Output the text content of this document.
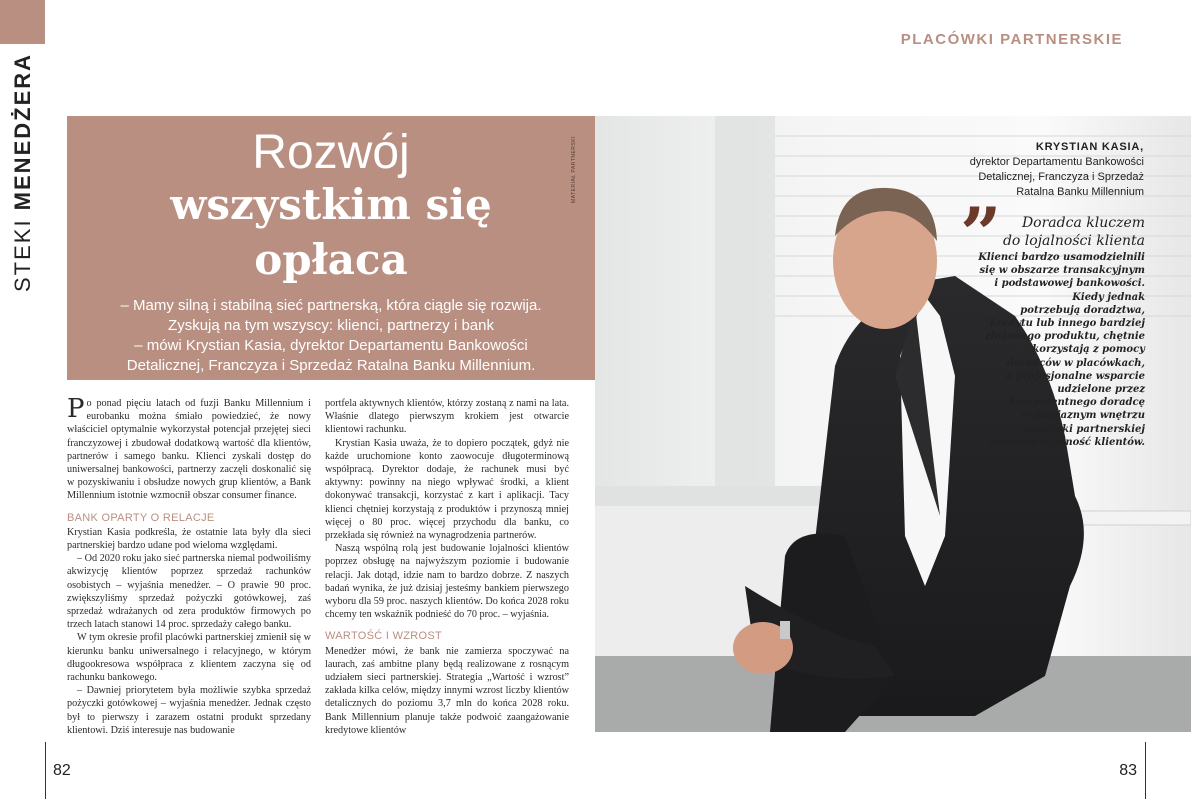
STEKI MENEDŻERA
PLACÓWKI PARTNERSKIE
Rozwój
wszystkim się
opłaca
MATERIAŁ PARTNERSKI

– Mamy silną i stabilną sieć partnerską, która ciągle się rozwija.

Zyskują na tym wszyscy: klienci, partnerzy i bank

– mówi Krystian Kasia, dyrektor Departamentu Bankowości

Detalicznej, Franczyza i Sprzedaż Ratalna Banku Millennium.

KRYSTIAN KASIA,
dyrektor Departamentu Bankowości
Detalicznej, Franczyza i Sprzedaż
Ratalna Banku Millennium
”	Doradca kluczem
do lojalności klienta
Klienci bardzo usamodzielnili
się w obszarze transakcyjnym
i podstawowej bankowości.
Kiedy jednak
potrzebują doradztwa,
kredytu lub innego bardziej
złożonego produktu, chętnie
korzystają z pomocy
doradców w placówkach,
a profesjonalne wsparcie
udzielone przez
kompetentnego doradcę
w przyjaznym wnętrzu
placówki partnerskiej
zwiększa lojalność klientów.

Po ponad pięciu latach od fuzji Banku Millennium i eurobanku można śmiało powiedzieć, że nowy właściciel optymalnie wykorzystał potencjał przejętej sieci franczyzowej i zbudował dodatkową wartość dla klientów, partnerów i samego banku. Klienci zyskali dostęp do uniwersalnej bankowości, partnerzy zaczęli doskonalić się w pozyskiwaniu i obsłudze nowych grup klientów, a Bank Millennium istotnie wzmocnił obszar consumer finance.

BANK OPARTY O RELACJE

Krystian Kasia podkreśla, że ostatnie lata były dla sieci partnerskiej bardzo udane pod wieloma względami.

– Od 2020 roku jako sieć partnerska niemal podwoiliśmy akwizycję klientów poprzez sprzedaż rachunków osobistych – wyjaśnia menedżer. – O prawie 90 proc. zwiększyliśmy sprzedaż pożyczki gotówkowej, zaś sprzedaż wdrażanych od zera produktów firmowych po trzech latach stanowi 14 proc. sprzedaży całego banku.

W tym okresie profil placówki partnerskiej zmienił się w kierunku banku uniwersalnego i relacyjnego, w którym długookresowa współpraca z klientem zaczyna się od rachunku bankowego.

– Dawniej priorytetem była możliwie szybka sprzedaż pożyczki gotówkowej – wyjaśnia menedżer. Jednak często był to pierwszy i zarazem ostatni produkt sprzedany klientowi. Dziś interesuje nas budowanie

portfela aktywnych klientów, którzy zostaną z nami na lata. Właśnie dlatego pierwszym krokiem jest otwarcie klientowi rachunku.

Krystian Kasia uważa, że to dopiero początek, gdyż nie każde uruchomione konto zaowocuje długoterminową współpracą. Dyrektor dodaje, że rachunek musi być aktywny: powinny na niego wpływać środki, a klient dokonywać transakcji, korzystać z kart i aplikacji. Tacy klienci chętniej korzystają z produktów i przynoszą mniej więcej o 80 proc. więcej przychodu dla banku, co przekłada się również na wynagrodzenia partnerów.

Naszą wspólną rolą jest budowanie lojalności klientów poprzez obsługę na najwyższym poziomie i budowanie relacji. Jak dotąd, idzie nam to bardzo dobrze. Z naszych badań wynika, że już dzisiaj jesteśmy bankiem pierwszego wyboru dla 59 proc. naszych klientów. Do końca 2028 roku chcemy ten wskaźnik podnieść do 70 proc. – wyjaśnia.

WARTOŚĆ I WZROST

Menedżer mówi, że bank nie zamierza spoczywać na laurach, zaś ambitne plany będą realizowane z rosnącym udziałem sieci partnerskiej. Strategia „Wartość i wzrost” zakłada kilka celów, między innymi wzrost liczby klientów detalicznych do poziomu 3,7 mln do końca 2028 roku. Bank Millennium planuje także podwoić zaangażowanie kredytowe klientów

82	83
